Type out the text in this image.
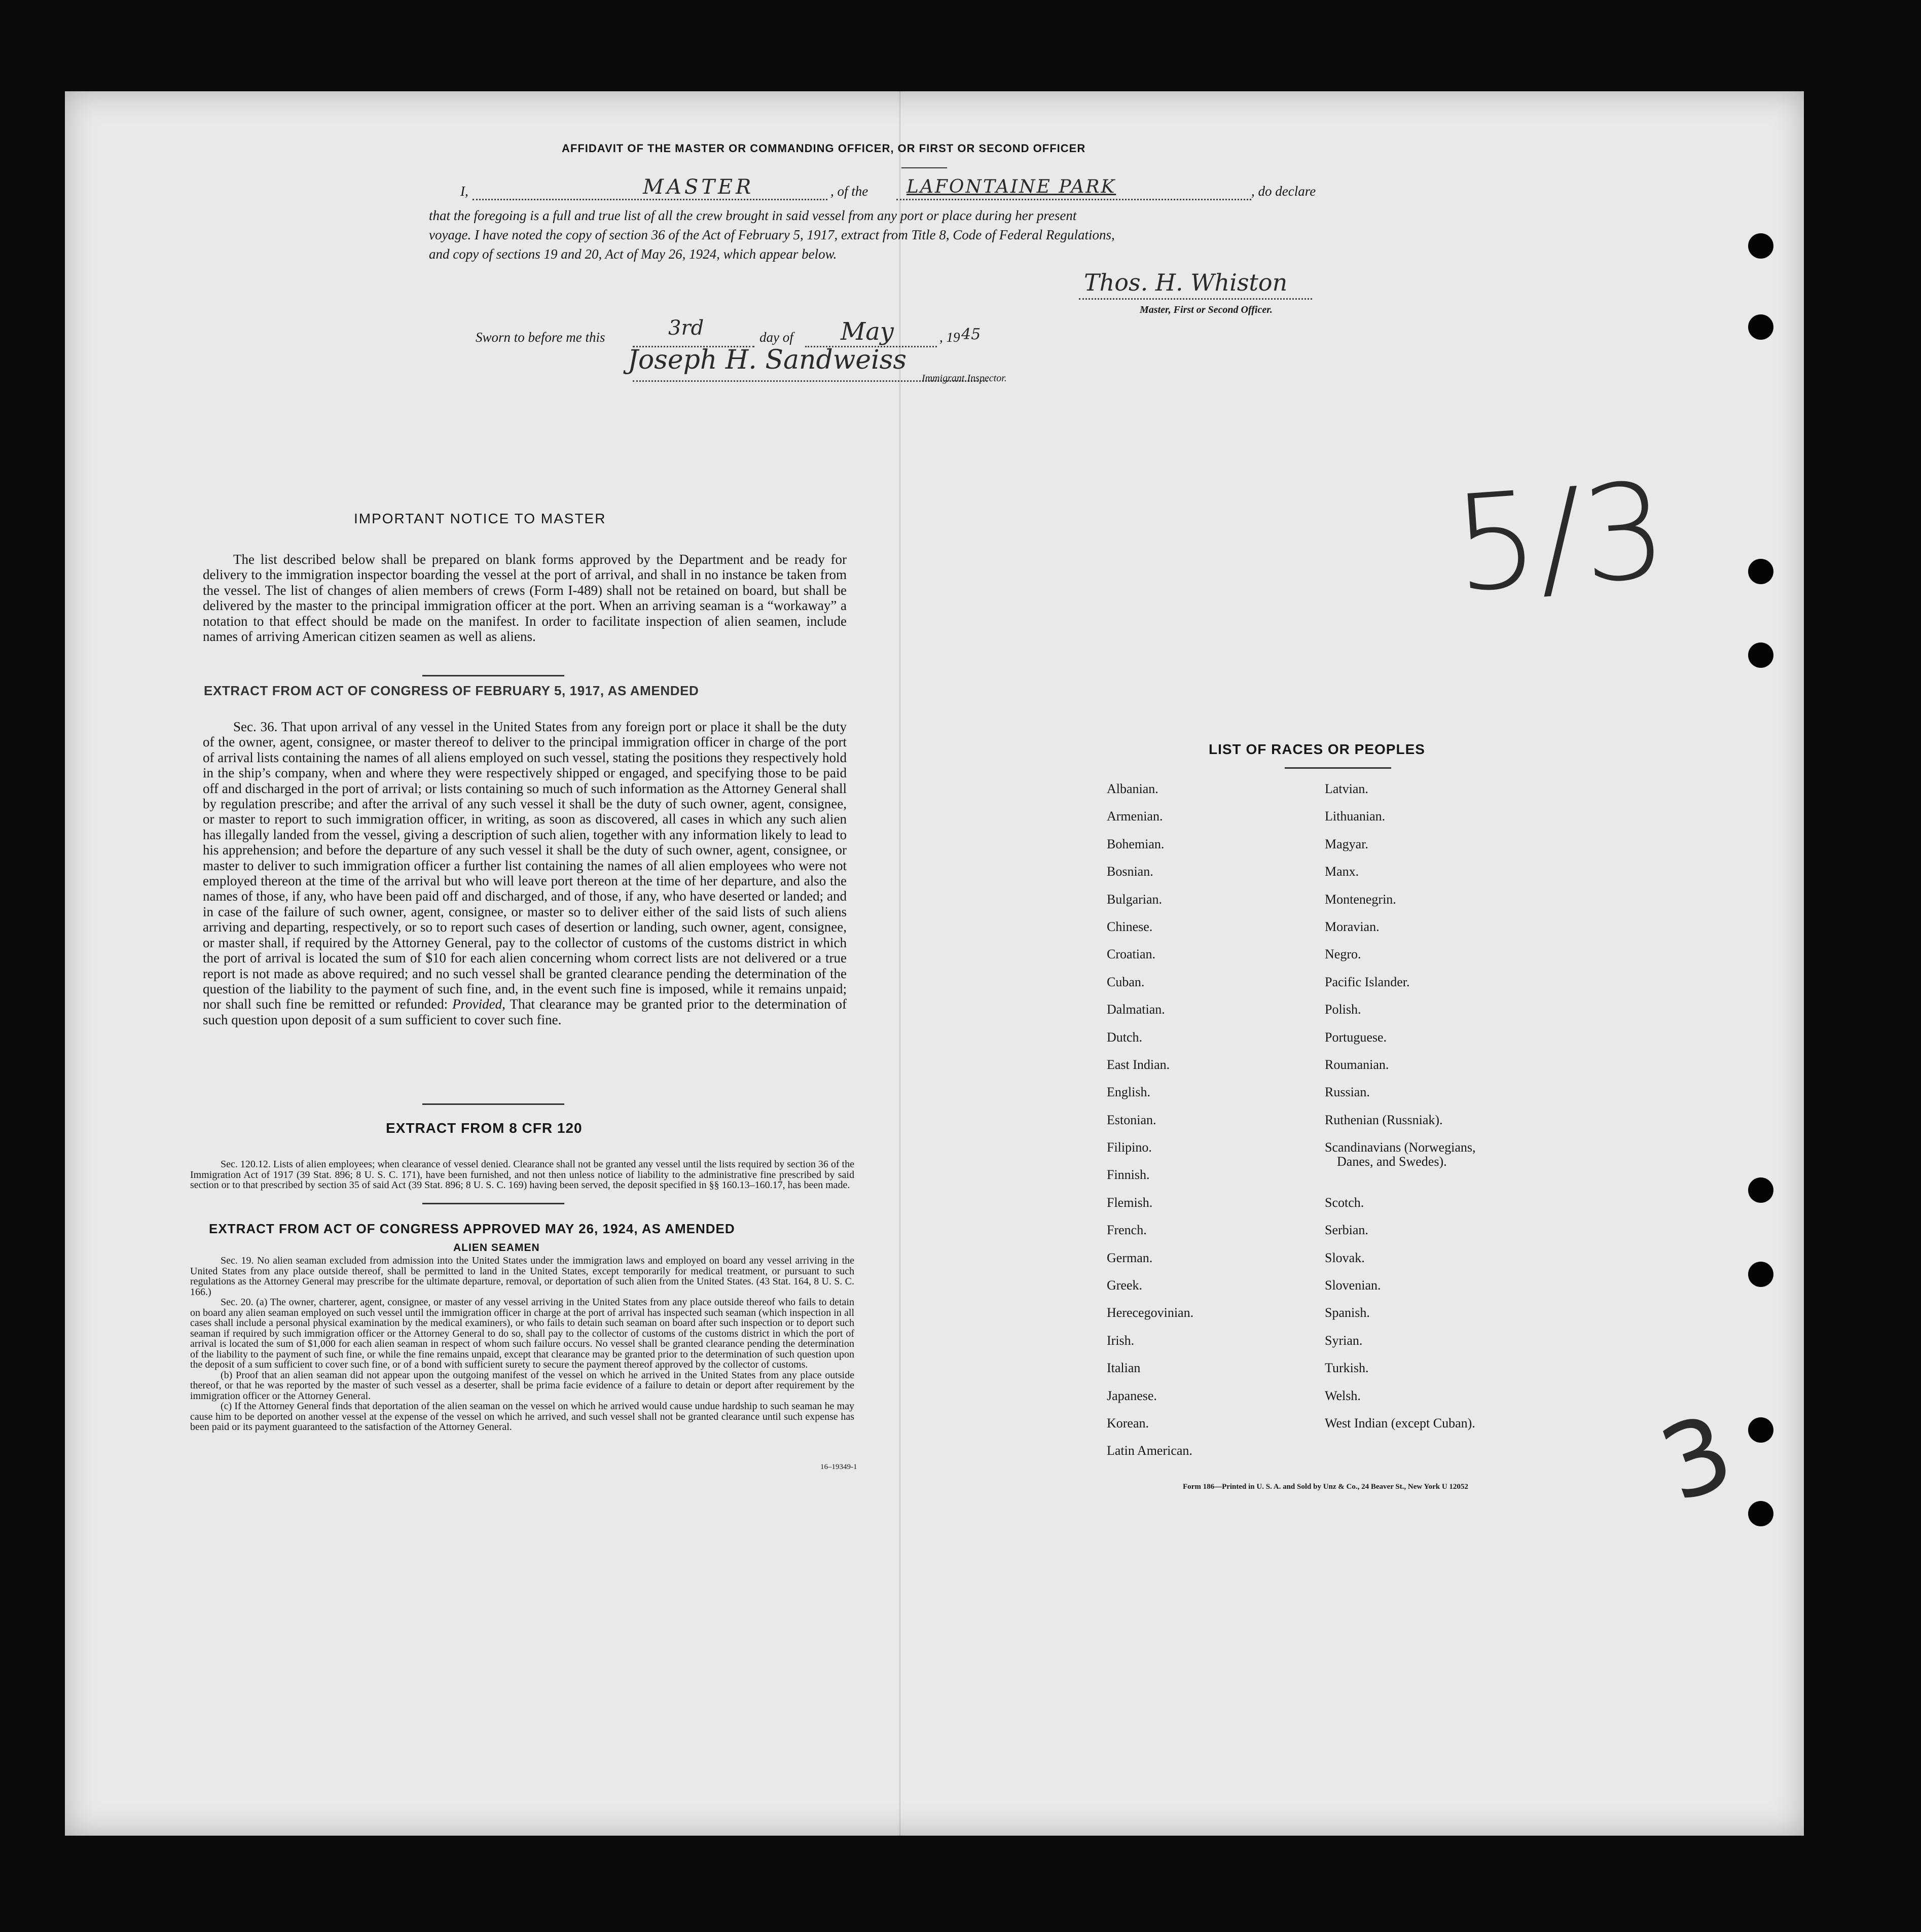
AFFIDAVIT OF THE MASTER OR COMMANDING OFFICER, OR FIRST OR SECOND OFFICER
I,	MASTER	, of the LAFONTAINE PARK	, do declare
that the foregoing is a full and true list of all the crew brought in said vessel from any port or place during her present
voyage. I have noted the copy of section 36 of the Act of February 5, 1917, extract from Title 8, Code of Federal Regulations,
and copy of sections 19 and 20, Act of May 26, 1924, which appear below.
Thos. H. Whiston
Master, First or Second Officer.
Sworn to before me this	3rd	day of May	, 19 45
Joseph H. Sandweiss
Immigrant Inspector.
IMPORTANT NOTICE TO MASTER
The list described below shall be prepared on blank forms approved by the Department and be ready for delivery to the immigration inspector boarding the vessel at the port of arrival, and shall in no instance be taken from the vessel. The list of changes of alien members of crews (Form I-489) shall not be retained on board, but shall be delivered by the master to the principal immigration officer at the port. When an arriving seaman is a “workaway” a notation to that effect should be made on the manifest. In order to facilitate inspection of alien seamen, include names of arriving American citizen seamen as well as aliens.
EXTRACT FROM ACT OF CONGRESS OF FEBRUARY 5, 1917, AS AMENDED
Sec. 36. That upon arrival of any vessel in the United States from any foreign port or place it shall be the duty of the owner, agent, consignee, or master thereof to deliver to the principal immigration officer in charge of the port of arrival lists containing the names of all aliens employed on such vessel, stating the positions they respectively hold in the ship’s company, when and where they were respectively shipped or engaged, and specifying those to be paid off and discharged in the port of arrival; or lists containing so much of such information as the Attorney General shall by regulation prescribe; and after the arrival of any such vessel it shall be the duty of such owner, agent, consignee, or master to report to such immigration officer, in writing, as soon as discovered, all cases in which any such alien has illegally landed from the vessel, giving a description of such alien, together with any information likely to lead to his apprehension; and before the departure of any such vessel it shall be the duty of such owner, agent, consignee, or master to deliver to such immigration officer a further list containing the names of all alien employees who were not employed thereon at the time of the arrival but who will leave port thereon at the time of her departure, and also the names of those, if any, who have been paid off and discharged, and of those, if any, who have deserted or landed; and in case of the failure of such owner, agent, consignee, or master so to deliver either of the said lists of such aliens arriving and departing, respectively, or so to report such cases of desertion or landing, such owner, agent, consignee, or master shall, if required by the Attorney General, pay to the collector of customs of the customs district in which the port of arrival is located the sum of $10 for each alien concerning whom correct lists are not delivered or a true report is not made as above required; and no such vessel shall be granted clearance pending the determination of the question of the liability to the payment of such fine, and, in the event such fine is imposed, while it remains unpaid; nor shall such fine be remitted or refunded: Provided, That clearance may be granted prior to the determination of such question upon deposit of a sum sufficient to cover such fine.
EXTRACT FROM 8 CFR 120
Sec. 120.12. Lists of alien employees; when clearance of vessel denied. Clearance shall not be granted any vessel until the lists required by section 36 of the Immigration Act of 1917 (39 Stat. 896; 8 U. S. C. 171), have been furnished, and not then unless notice of liability to the administrative fine prescribed by said section or to that prescribed by section 35 of said Act (39 Stat. 896; 8 U. S. C. 169) having been served, the deposit specified in §§ 160.13–160.17, has been made.
EXTRACT FROM ACT OF CONGRESS APPROVED MAY 26, 1924, AS AMENDED
ALIEN SEAMEN

Sec. 19. No alien seaman excluded from admission into the United States under the immigration laws and employed on board any vessel arriving in the United States from any place outside thereof, shall be permitted to land in the United States, except temporarily for medical treatment, or pursuant to such regulations as the Attorney General may prescribe for the ultimate departure, removal, or deportation of such alien from the United States. (43 Stat. 164, 8 U. S. C. 166.)

Sec. 20. (a) The owner, charterer, agent, consignee, or master of any vessel arriving in the United States from any place outside thereof who fails to detain on board any alien seaman employed on such vessel until the immigration officer in charge at the port of arrival has inspected such seaman (which inspection in all cases shall include a personal physical examination by the medical examiners), or who fails to detain such seaman on board after such inspection or to deport such seaman if required by such immigration officer or the Attorney General to do so, shall pay to the collector of customs of the customs district in which the port of arrival is located the sum of $1,000 for each alien seaman in respect of whom such failure occurs. No vessel shall be granted clearance pending the determination of the liability to the payment of such fine, or while the fine remains unpaid, except that clearance may be granted prior to the determination of such question upon the deposit of a sum sufficient to cover such fine, or of a bond with sufficient surety to secure the payment thereof approved by the collector of customs.

(b) Proof that an alien seaman did not appear upon the outgoing manifest of the vessel on which he arrived in the United States from any place outside thereof, or that he was reported by the master of such vessel as a deserter, shall be prima facie evidence of a failure to detain or deport after requirement by the immigration officer or the Attorney General.

(c) If the Attorney General finds that deportation of the alien seaman on the vessel on which he arrived would cause undue hardship to such seaman he may cause him to be deported on another vessel at the expense of the vessel on which he arrived, and such vessel shall not be granted clearance until such expense has been paid or its payment guaranteed to the satisfaction of the Attorney General.

16–19349-1
LIST OF RACES OR PEOPLES
Albanian.
Armenian.
Bohemian.
Bosnian.
Bulgarian.
Chinese.
Croatian.
Cuban.
Dalmatian.
Dutch.
East Indian.
English.
Estonian.
Filipino.
Finnish.
Flemish.
French.
German.
Greek.
Herecegovinian.
Irish.
Italian
Japanese.
Korean.
Latin American.
Latvian.
Lithuanian.
Magyar.
Manx.
Montenegrin.
Moravian.
Negro.
Pacific Islander.
Polish.
Portuguese.
Roumanian.
Russian.
Ruthenian (Russniak).
Scandinavians (Norwegians,
Danes, and Swedes).
Scotch.
Serbian.
Slovak.
Slovenian.
Spanish.
Syrian.
Turkish.
Welsh.
West Indian (except Cuban).
Form 186—Printed in U. S. A. and Sold by Unz & Co., 24 Beaver St., New York U 12052
5/3
3
